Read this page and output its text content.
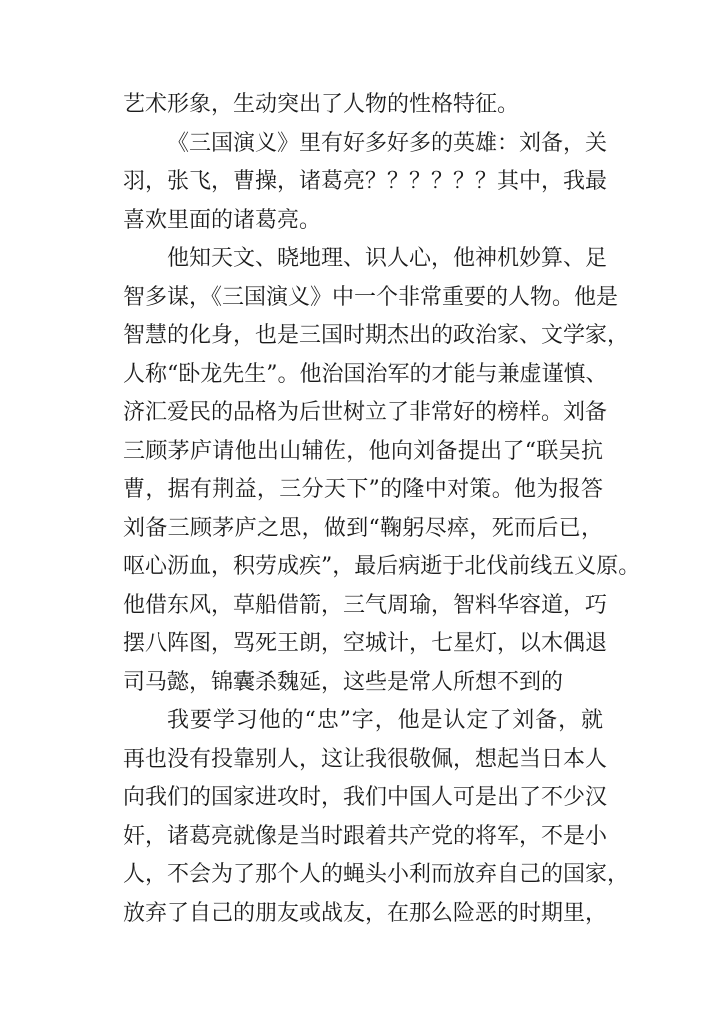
艺术形象，生动突出了人物的性格特征。
《三国演义》里有好多好多的英雄：刘备，关
羽，张飞，曹操，诸葛亮？？？？？？其中，我最
喜欢里面的诸葛亮。
他知天文、晓地理、识人心，他神机妙算、足
智多谋，《三国演义》中一个非常重要的人物。他是
智慧的化身，也是三国时期杰出的政治家、文学家，
人称“卧龙先生”。他治国治军的才能与兼虚谨慎、
济汇爱民的品格为后世树立了非常好的榜样。刘备
三顾茅庐请他出山辅佐，他向刘备提出了“联吴抗
曹，据有荆益，三分天下”的隆中对策。他为报答
刘备三顾茅庐之思，做到“鞠躬尽瘁，死而后已，
呕心沥血，积劳成疾”，最后病逝于北伐前线五义原。
他借东风，草船借箭，三气周瑜，智料华容道，巧
摆八阵图，骂死王朗，空城计，七星灯，以木偶退
司马懿，锦囊杀魏延，这些是常人所想不到的
我要学习他的“忠”字，他是认定了刘备，就
再也没有投靠别人，这让我很敬佩，想起当日本人
向我们的国家进攻时，我们中国人可是出了不少汉
奸，诸葛亮就像是当时跟着共产党的将军，不是小
人，不会为了那个人的蝇头小利而放弃自己的国家，
放弃了自己的朋友或战友，在那么险恶的时期里，
